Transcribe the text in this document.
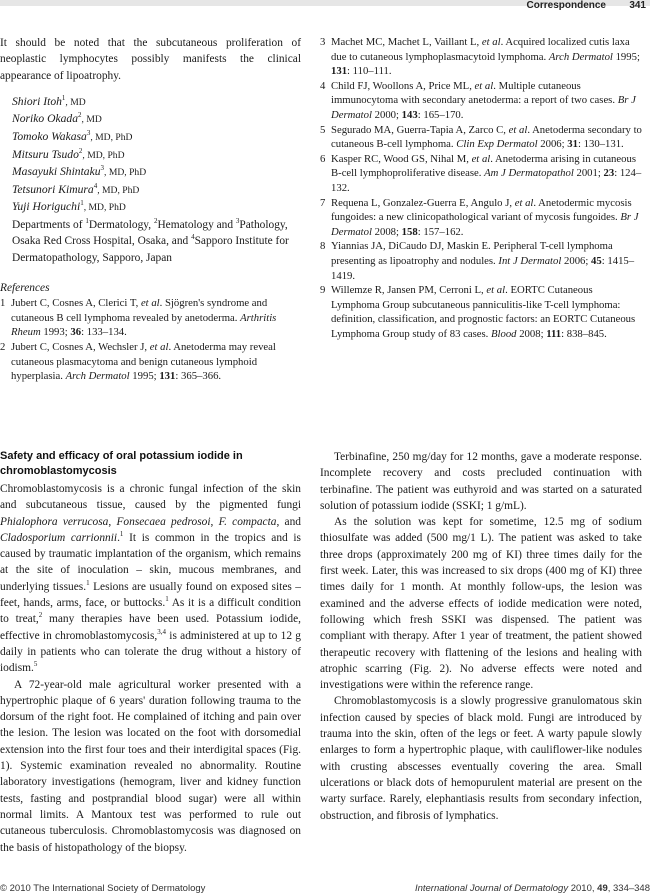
Correspondence 341

It should be noted that the subcutaneous proliferation of neoplastic lymphocytes possibly manifests the clinical appearance of lipoatrophy.

Shiori Itoh$^1$, MD
Noriko Okada$^2$, MD
Tomoko Wakasa$^3$, MD, PhD
Mitsuru Tsudo$^2$, MD, PhD
Masayuki Shintaku$^3$, MD, PhD
Tetsunori Kimura$^4$, MD, PhD
Yuji Horiguchi$^1$, MD, PhD

Departments of $^1$Dermatology, $^2$Hematology and $^3$Pathology, Osaka Red Cross Hospital, Osaka, and $^4$Sapporo Institute for Dermatopathology, Sapporo, Japan

References

1 Jubert C, Cosnes A, Clerici T, et al. Sjögren's syndrome and cutaneous B cell lymphoma revealed by anetoderma. Arthritis Rheum 1993; 36: 133–134.
2 Jubert C, Cosnes A, Wechsler J, et al. Anetoderma may reveal cutaneous plasmacytoma and benign cutaneous lymphoid hyperplasia. Arch Dermatol 1995; 131: 365–366.
3 Machet MC, Machet L, Vaillant L, et al. Acquired localized cutis laxa due to cutaneous lymphoplasmacytoid lymphoma. Arch Dermatol 1995; 131: 110–111.
4 Child FJ, Woollons A, Price ML, et al. Multiple cutaneous immunocytoma with secondary anetoderma: a report of two cases. Br J Dermatol 2000; 143: 165–170.
5 Segurado MA, Guerra-Tapia A, Zarco C, et al. Anetoderma secondary to cutaneous B-cell lymphoma. Clin Exp Dermatol 2006; 31: 130–131.
6 Kasper RC, Wood GS, Nihal M, et al. Anetoderma arising in cutaneous B-cell lymphoproliferative disease. Am J Dermatopathol 2001; 23: 124–132.
7 Requena L, Gonzalez-Guerra E, Angulo J, et al. Anetodermic mycosis fungoides: a new clinicopathological variant of mycosis fungoides. Br J Dermatol 2008; 158: 157–162.
8 Yiannias JA, DiCaudo DJ, Maskin E. Peripheral T-cell lymphoma presenting as lipoatrophy and nodules. Int J Dermatol 2006; 45: 1415–1419.
9 Willemze R, Jansen PM, Cerroni L, et al. EORTC Cutaneous Lymphoma Group subcutaneous panniculitis-like T-cell lymphoma: definition, classification, and prognostic factors: an EORTC Cutaneous Lymphoma Group study of 83 cases. Blood 2008; 111: 838–845.
Safety and efficacy of oral potassium iodide in chromoblastomycosis

Chromoblastomycosis is a chronic fungal infection of the skin and subcutaneous tissue, caused by the pigmented fungi Phialophora verrucosa, Fonsecaea pedrosoi, F. compacta, and Cladosporium carrionnii.$^1$ It is common in the tropics and is caused by traumatic implantation of the organism, which remains at the site of inoculation – skin, mucous membranes, and underlying tissues.$^1$ Lesions are usually found on exposed sites – feet, hands, arms, face, or buttocks.$^1$ As it is a difficult condition to treat,$^2$ many therapies have been used. Potassium iodide, effective in chromoblastomycosis,$^{3,4}$ is administered at up to 12 g daily in patients who can tolerate the drug without a history of iodism.$^5$

A 72-year-old male agricultural worker presented with a hypertrophic plaque of 6 years' duration following trauma to the dorsum of the right foot. He complained of itching and pain over the lesion. The lesion was located on the foot with dorsomedial extension into the first four toes and their interdigital spaces (Fig. 1). Systemic examination revealed no abnormality. Routine laboratory investigations (hemogram, liver and kidney function tests, fasting and postprandial blood sugar) were all within normal limits. A Mantoux test was performed to rule out cutaneous tuberculosis. Chromoblastomycosis was diagnosed on the basis of histopathology of the biopsy.

Terbinafine, 250 mg/day for 12 months, gave a moderate response. Incomplete recovery and costs precluded continuation with terbinafine. The patient was euthyroid and was started on a saturated solution of potassium iodide (SSKI; 1 g/mL).

As the solution was kept for sometime, 12.5 mg of sodium thiosulfate was added (500 mg/1 L). The patient was asked to take three drops (approximately 200 mg of KI) three times daily for the first week. Later, this was increased to six drops (400 mg of KI) three times daily for 1 month. At monthly follow-ups, the lesion was examined and the adverse effects of iodide medication were noted, following which fresh SSKI was dispensed. The patient was compliant with therapy. After 1 year of treatment, the patient showed therapeutic recovery with flattening of the lesions and healing with atrophic scarring (Fig. 2). No adverse effects were noted and investigations were within the reference range.

Chromoblastomycosis is a slowly progressive granulomatous skin infection caused by species of black mold. Fungi are introduced by trauma into the skin, often of the legs or feet. A warty papule slowly enlarges to form a hypertrophic plaque, with cauliflower-like nodules with crusting abscesses eventually covering the area. Small ulcerations or black dots of hemopurulent material are present on the warty surface. Rarely, elephantiasis results from secondary infection, obstruction, and fibrosis of lymphatics.

© 2010 The International Society of Dermatology	International Journal of Dermatology 2010, 49, 334–348
